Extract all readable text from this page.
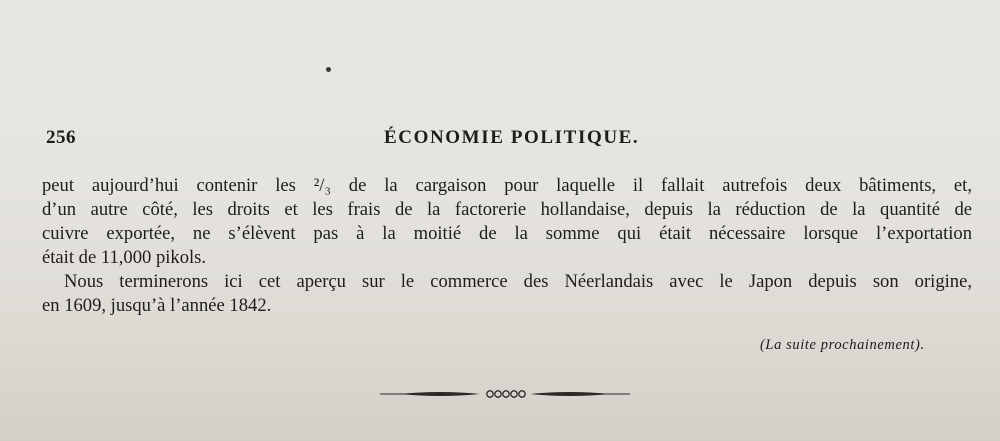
256	ÉCONOMIE POLITIQUE.
peut aujourd’hui contenir les ²/₃ de la cargaison pour laquelle il fallait autrefois deux bâtiments, et,
d’un autre côté, les droits et les frais de la factorerie hollandaise, depuis la réduction de la quantité de
cuivre exportée, ne s’élèvent pas à la moitié de la somme qui était nécessaire lorsque l’exportation
était de 11,000 pikols.
Nous terminerons ici cet aperçu sur le commerce des Néerlandais avec le Japon depuis son origine,
en 1609, jusqu’à l’année 1842.
(La suite prochainement).
